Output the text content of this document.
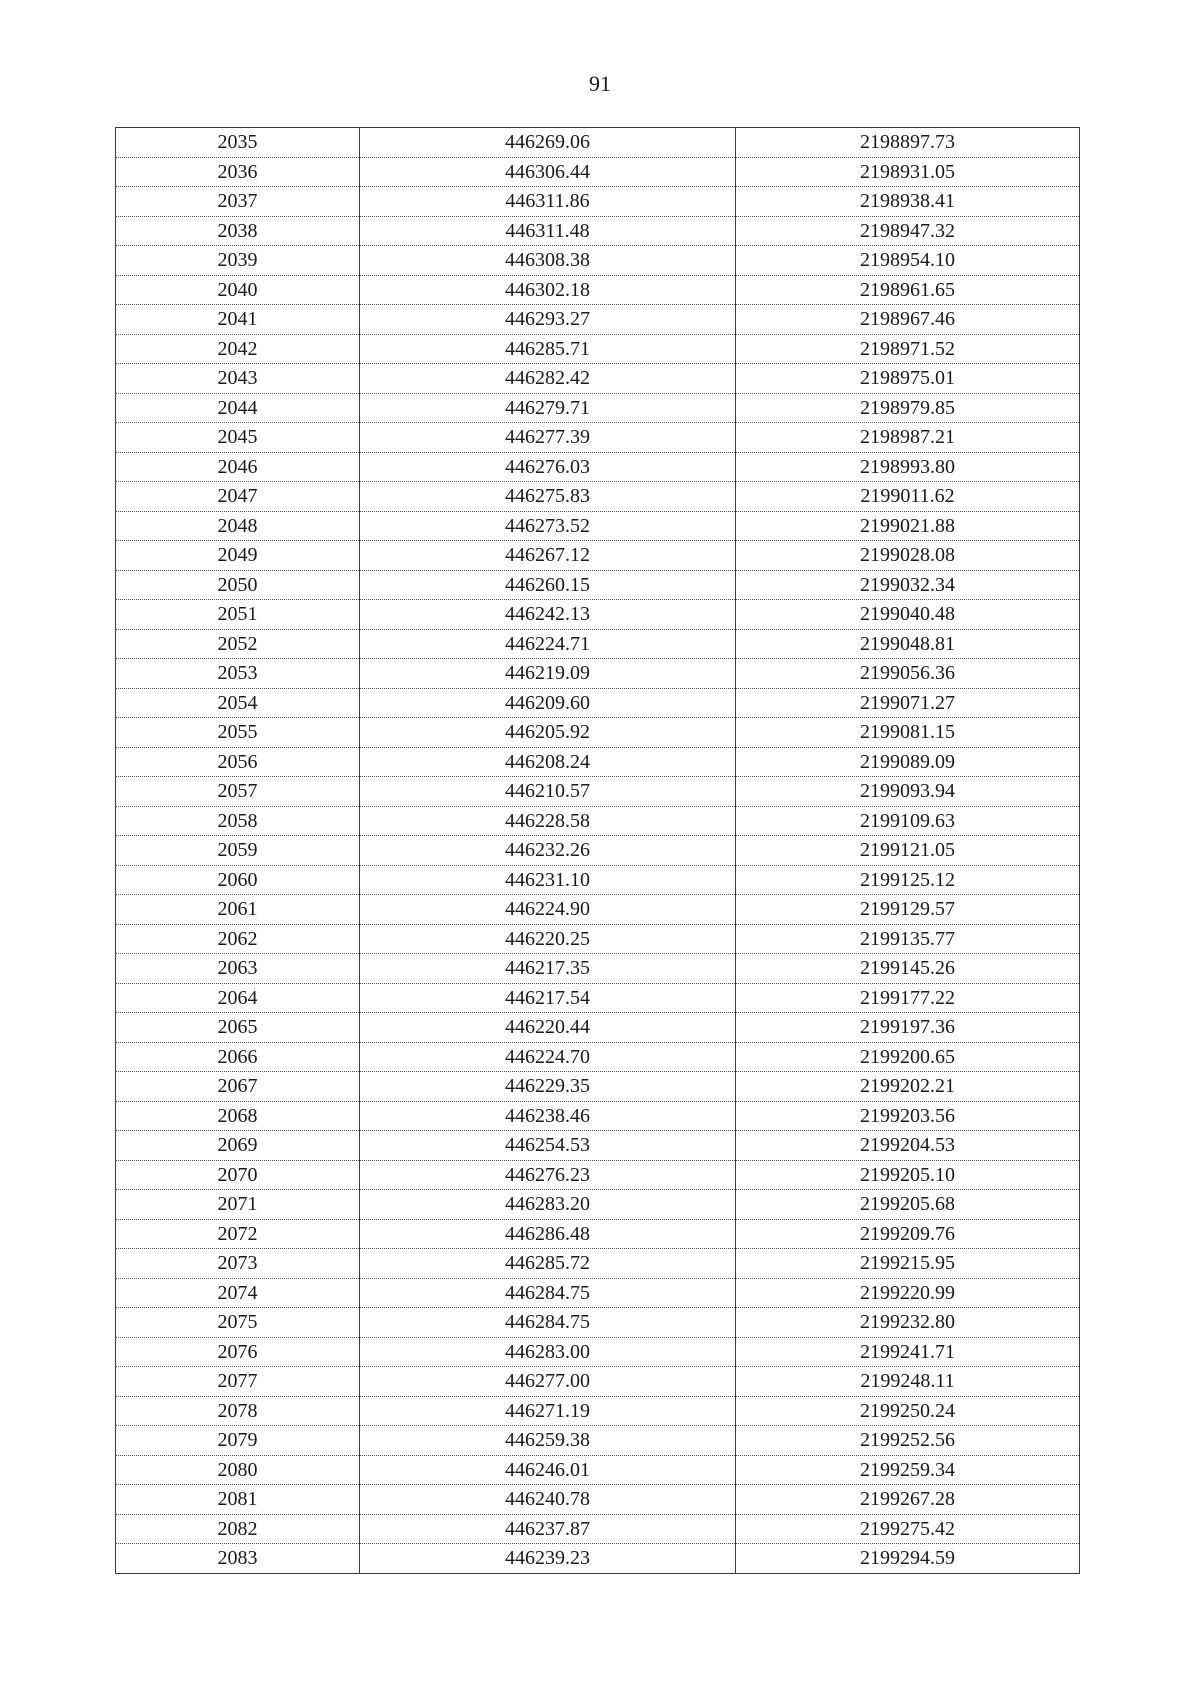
91
2035	446269.06	2198897.73
2036	446306.44	2198931.05
2037	446311.86	2198938.41
2038	446311.48	2198947.32
2039	446308.38	2198954.10
2040	446302.18	2198961.65
2041	446293.27	2198967.46
2042	446285.71	2198971.52
2043	446282.42	2198975.01
2044	446279.71	2198979.85
2045	446277.39	2198987.21
2046	446276.03	2198993.80
2047	446275.83	2199011.62
2048	446273.52	2199021.88
2049	446267.12	2199028.08
2050	446260.15	2199032.34
2051	446242.13	2199040.48
2052	446224.71	2199048.81
2053	446219.09	2199056.36
2054	446209.60	2199071.27
2055	446205.92	2199081.15
2056	446208.24	2199089.09
2057	446210.57	2199093.94
2058	446228.58	2199109.63
2059	446232.26	2199121.05
2060	446231.10	2199125.12
2061	446224.90	2199129.57
2062	446220.25	2199135.77
2063	446217.35	2199145.26
2064	446217.54	2199177.22
2065	446220.44	2199197.36
2066	446224.70	2199200.65
2067	446229.35	2199202.21
2068	446238.46	2199203.56
2069	446254.53	2199204.53
2070	446276.23	2199205.10
2071	446283.20	2199205.68
2072	446286.48	2199209.76
2073	446285.72	2199215.95
2074	446284.75	2199220.99
2075	446284.75	2199232.80
2076	446283.00	2199241.71
2077	446277.00	2199248.11
2078	446271.19	2199250.24
2079	446259.38	2199252.56
2080	446246.01	2199259.34
2081	446240.78	2199267.28
2082	446237.87	2199275.42
2083	446239.23	2199294.59
